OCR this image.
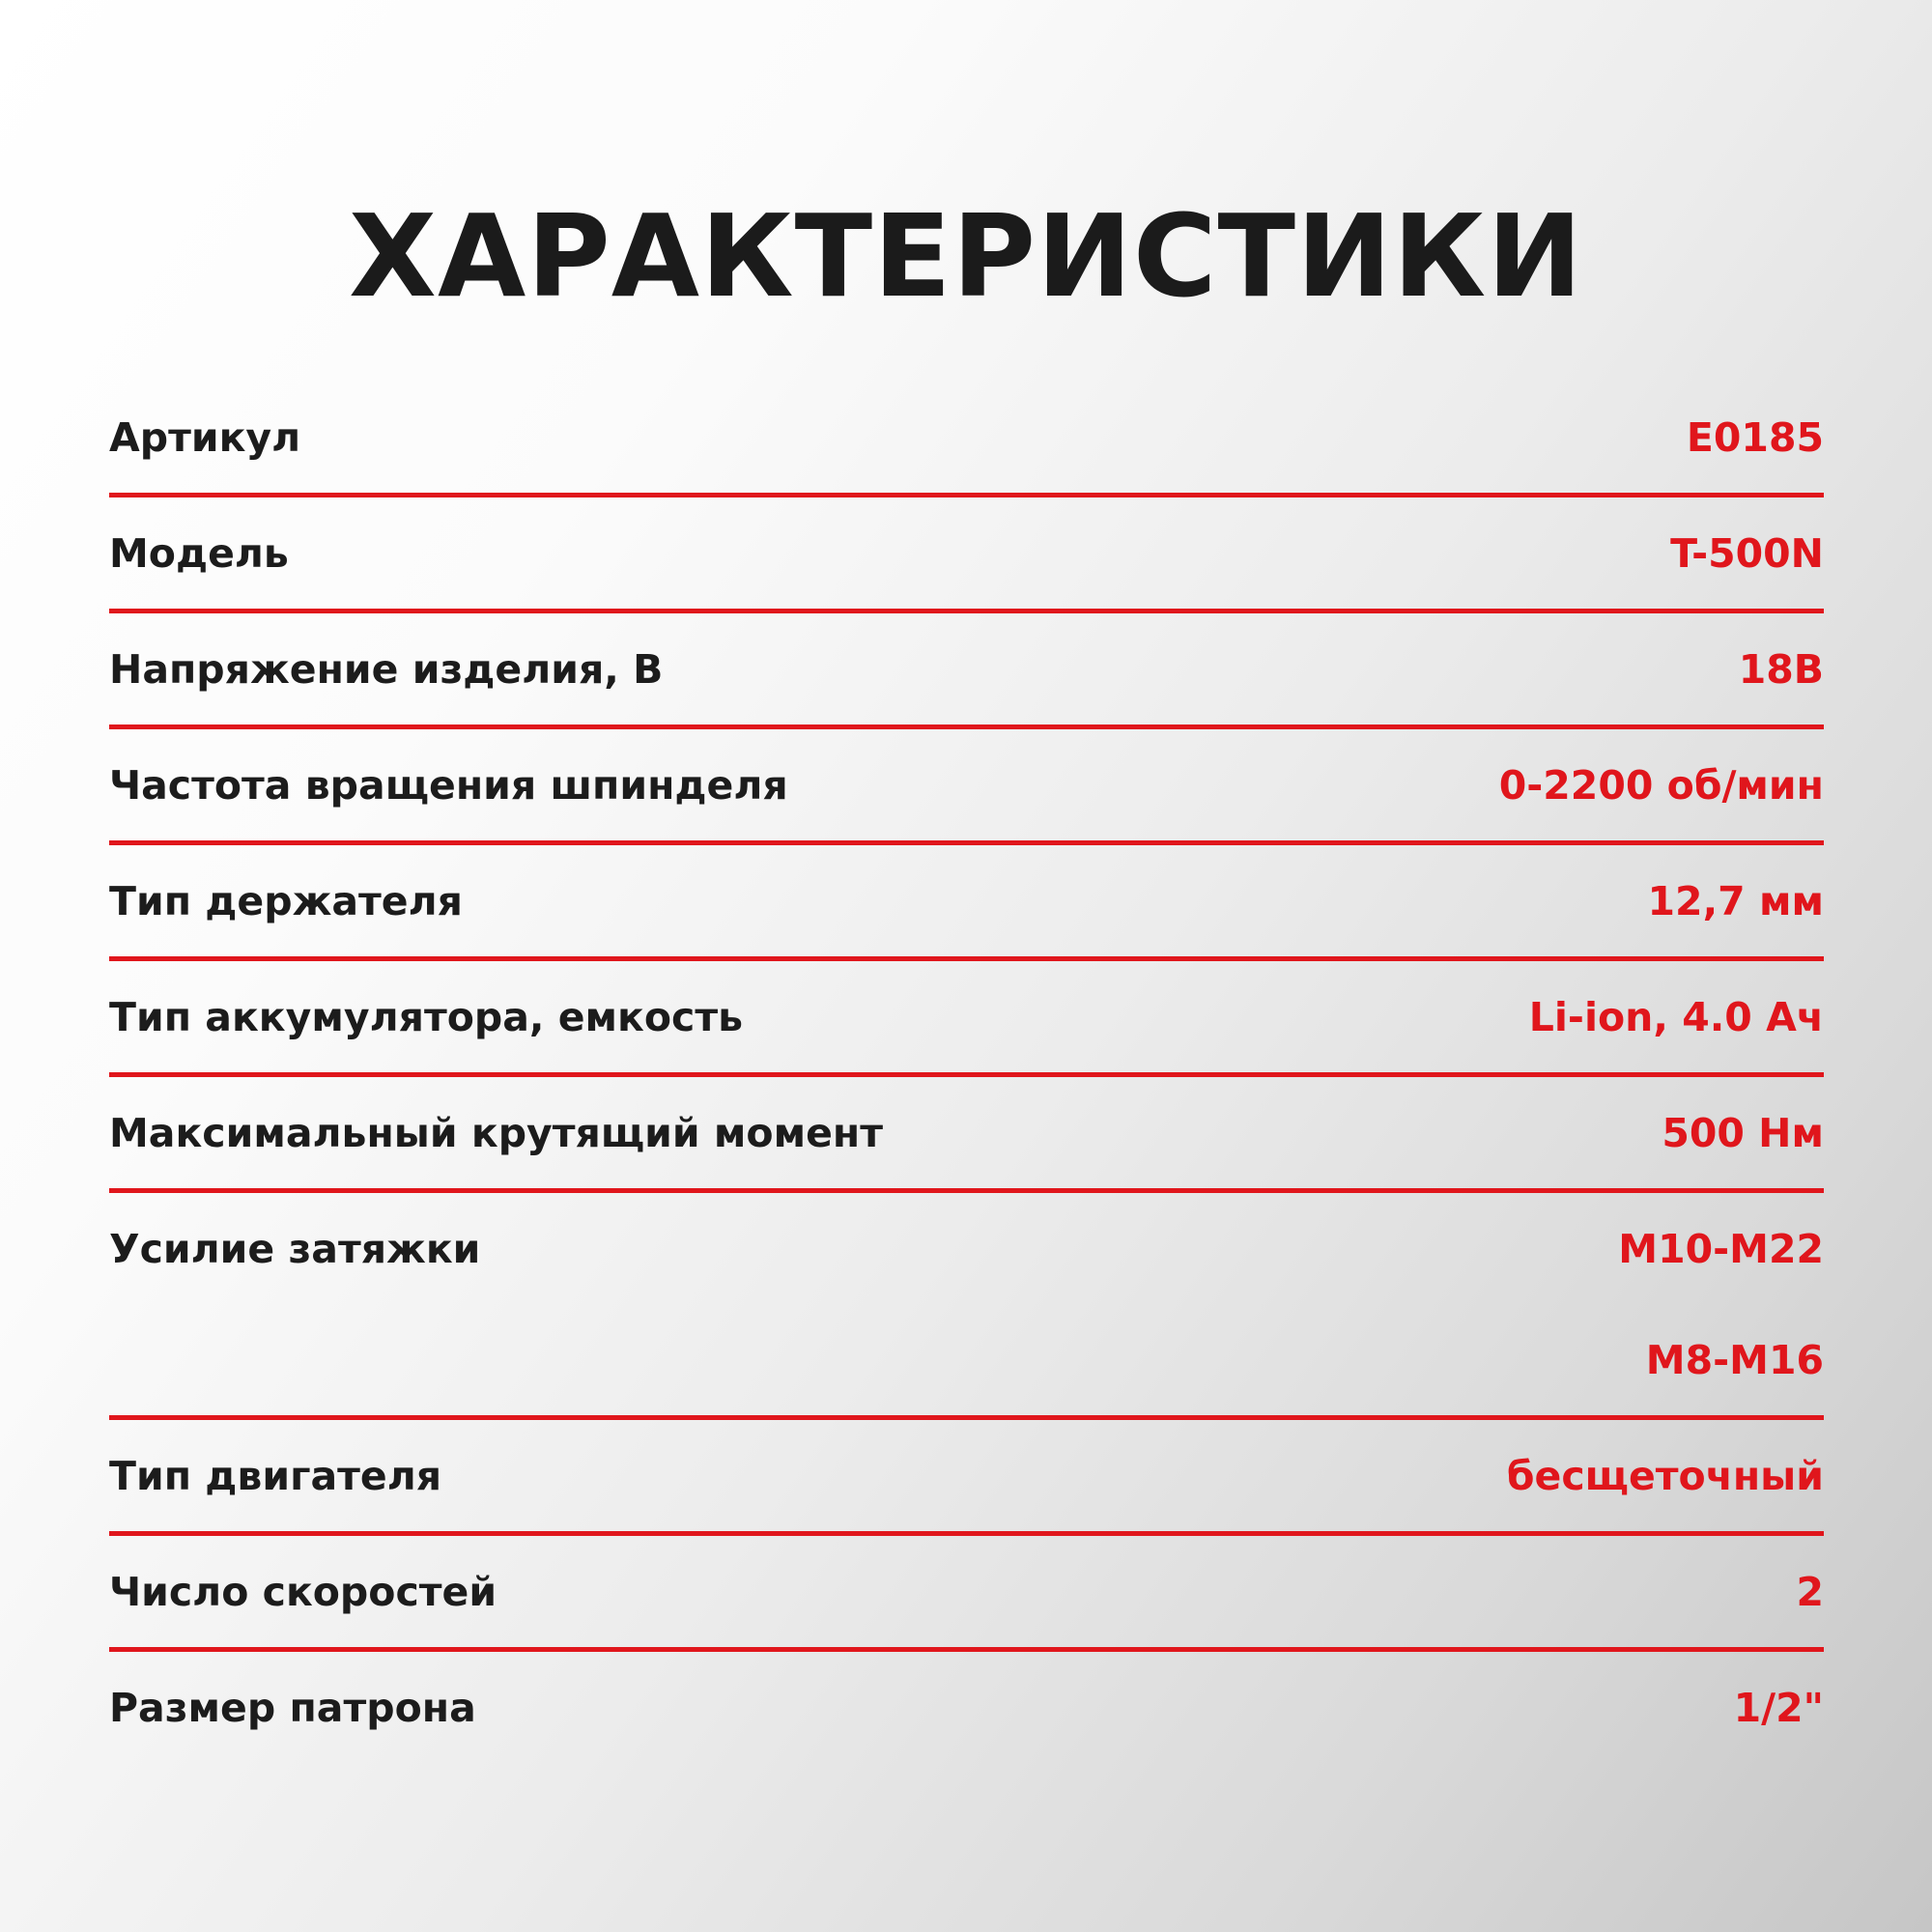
ХАРАКТЕРИСТИКИ
Артикул	E0185
Модель	T-500N
Напряжение изделия, В	18В
Частота вращения шпинделя	0-2200 об/мин
Тип держателя	12,7 мм
Тип аккумулятора, емкость	Li-ion, 4.0 Ач
Максимальный крутящий момент	500 Нм
Усилие затяжки	M10-M22
M8-M16
Тип двигателя	бесщеточный
Число скоростей	2
Размер патрона	1/2"
